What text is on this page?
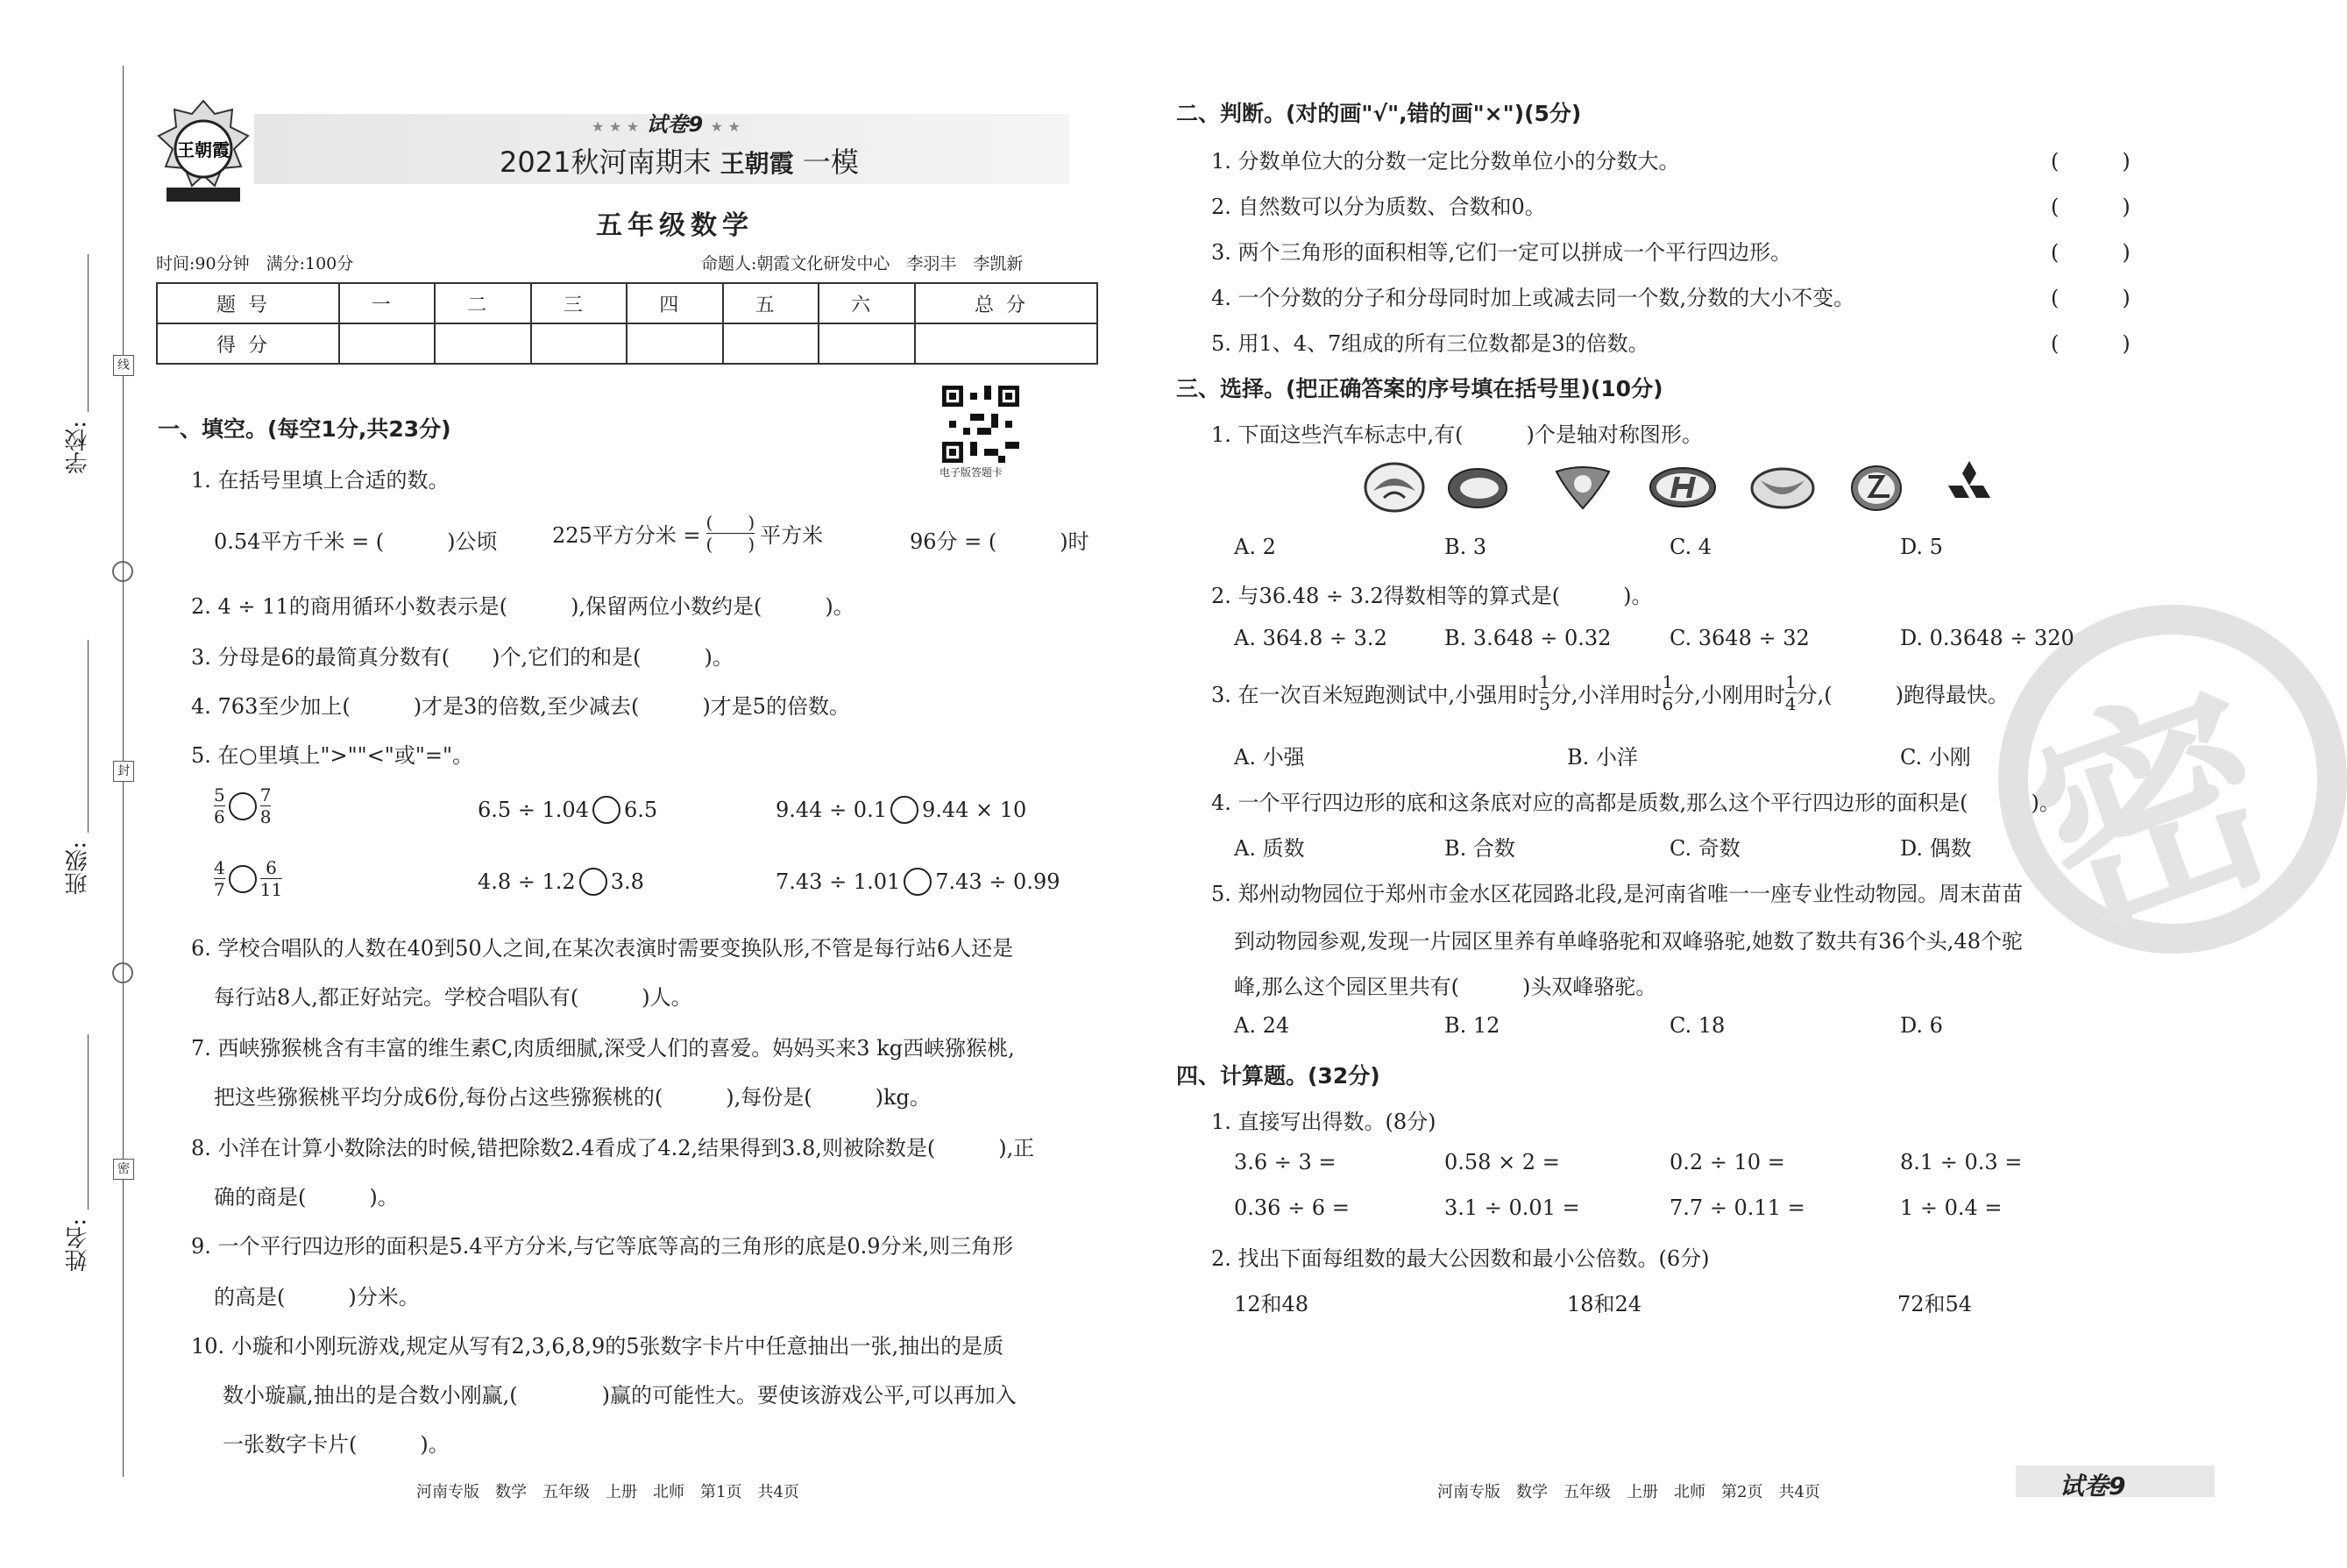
学校:
班级:
姓名:
线
封
密
王朝霞
★ ★ ★ 试卷9 ★ ★
2021秋河南期末 王朝霞 一模
五年级数学
时间:90分钟　满分:100分	命题人:朝霞文化研发中心　李羽丰　李凯新
题号	一	二	三	四	五	六	总分
得分							
电子版答题卡
一、填空。(每空1分,共23分)
1. 在括号里填上合适的数。
0.54平方千米 = (　　　)公顷	225平方分米 = $\frac{( )}{( )}$ 平方米	96分 = (　　　)时
2. 4 ÷ 11的商用循环小数表示是(　　　),保留两位小数约是(　　　)。
3. 分母是6的最简真分数有(　　)个,它们的和是(　　　)。
4. 763至少加上(　　　)才是3的倍数,至少减去(　　　)才是5的倍数。
5. 在○里填上">""<"或"="。
$\frac{5}{6} \frac{7}{8}$	6.5 ÷ 1.04 6.5	9.44 ÷ 0.1 9.44 × 10
$\frac{4}{7} \frac{6}{11}$	4.8 ÷ 1.2 3.8	7.43 ÷ 1.01 7.43 ÷ 0.99
6. 学校合唱队的人数在40到50人之间,在某次表演时需要变换队形,不管是每行站6人还是
每行站8人,都正好站完。学校合唱队有(　　　)人。
7. 西峡猕猴桃含有丰富的维生素C,肉质细腻,深受人们的喜爱。妈妈买来3 kg西峡猕猴桃,
把这些猕猴桃平均分成6份,每份占这些猕猴桃的(　　　),每份是(　　　)kg。
8. 小洋在计算小数除法的时候,错把除数2.4看成了4.2,结果得到3.8,则被除数是(　　　),正
确的商是(　　　)。
9. 一个平行四边形的面积是5.4平方分米,与它等底等高的三角形的底是0.9分米,则三角形
的高是(　　　)分米。
10. 小璇和小刚玩游戏,规定从写有2,3,6,8,9的5张数字卡片中任意抽出一张,抽出的是质
数小璇赢,抽出的是合数小刚赢,(　　　　)赢的可能性大。要使该游戏公平,可以再加入
一张数字卡片(　　　)。
河南专版　数学　五年级　上册　北师　第1页　共4页
密
二、判断。(对的画"√",错的画"×")(5分)
1. 分数单位大的分数一定比分数单位小的分数大。	(　　　)
2. 自然数可以分为质数、合数和0。	(　　　)
3. 两个三角形的面积相等,它们一定可以拼成一个平行四边形。	(　　　)
4. 一个分数的分子和分母同时加上或减去同一个数,分数的大小不变。	(　　　)
5. 用1、4、7组成的所有三位数都是3的倍数。	(　　　)
三、选择。(把正确答案的序号填在括号里)(10分)
1. 下面这些汽车标志中,有(　　　)个是轴对称图形。
A. 2	B. 3	C. 4	D. 5
2. 与36.48 ÷ 3.2得数相等的算式是(　　　)。
A. 364.8 ÷ 3.2	B. 3.648 ÷ 0.32	C. 3648 ÷ 32	D. 0.3648 ÷ 320
3. 在一次百米短跑测试中,小强用时 $\frac{1}{5}$ 分,小洋用时 $\frac{1}{6}$ 分,小刚用时 $\frac{1}{4}$ 分,(　　　)跑得最快。
A. 小强	B. 小洋	C. 小刚
4. 一个平行四边形的底和这条底对应的高都是质数,那么这个平行四边形的面积是(　　　)。
A. 质数	B. 合数	C. 奇数	D. 偶数
5. 郑州动物园位于郑州市金水区花园路北段,是河南省唯一一座专业性动物园。周末苗苗
到动物园参观,发现一片园区里养有单峰骆驼和双峰骆驼,她数了数共有36个头,48个驼
峰,那么这个园区里共有(　　　)头双峰骆驼。
A. 24	B. 12	C. 18	D. 6
四、计算题。(32分)
1. 直接写出得数。(8分)
3.6 ÷ 3 =	0.58 × 2 =	0.2 ÷ 10 =	8.1 ÷ 0.3 =
0.36 ÷ 6 =	3.1 ÷ 0.01 =	7.7 ÷ 0.11 =	1 ÷ 0.4 =
2. 找出下面每组数的最大公因数和最小公倍数。(6分)
12和48	18和24	72和54
河南专版　数学　五年级　上册　北师　第2页　共4页	试卷9
